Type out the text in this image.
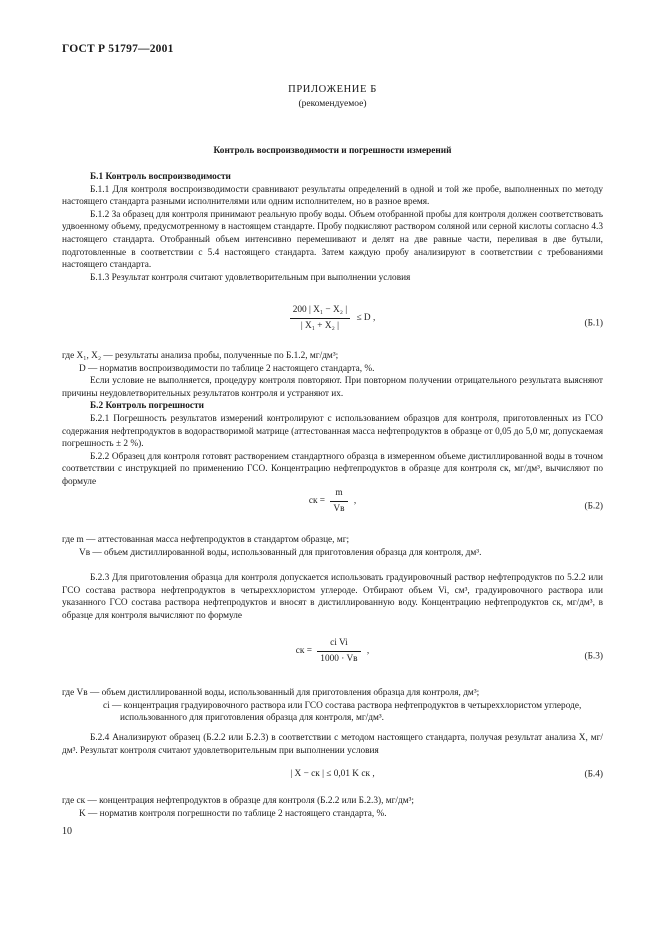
ГОСТ Р 51797—2001
ПРИЛОЖЕНИЕ Б
(рекомендуемое)
Контроль воспроизводимости и погрешности измерений

Б.1 Контроль воспроизводимости

Б.1.1 Для контроля воспроизводимости сравнивают результаты определений в одной и той же пробе, выполненных по методу настоящего стандарта разными исполнителями или одним исполнителем, но в разное время.

Б.1.2 За образец для контроля принимают реальную пробу воды. Объем отобранной пробы для контроля должен соответствовать удвоенному объему, предусмотренному в настоящем стандарте. Пробу подкисляют раствором соляной или серной кислоты согласно 4.3 настоящего стандарта. Отобранный объем интенсивно перемешивают и делят на две равные части, переливая в две бутыли, подготовленные в соответствии с 5.4 настоящего стандарта. Затем каждую пробу анализируют в соответствии с требованиями настоящего стандарта.

Б.1.3 Результат контроля считают удовлетворительным при выполнении условия

$\frac{\text{200 | X₁ − X₂ |}}{\text{| X₁ + X₂ |}} \le D$ ,
(Б.1)

где X₁, X₂ — результаты анализа пробы, полученные по Б.1.2, мг/дм³;

D — норматив воспроизводимости по таблице 2 настоящего стандарта, %.

Если условие не выполняется, процедуру контроля повторяют. При повторном получении отрицательного результата выясняют причины неудовлетворительных результатов контроля и устраняют их.

Б.2 Контроль погрешности

Б.2.1 Погрешность результатов измерений контролируют с использованием образцов для контроля, приготовленных из ГСО содержания нефтепродуктов в водорастворимой матрице (аттестованная масса нефтепродуктов в образце от 0,05 до 5,0 мг, допускаемая погрешность ± 2 %).

Б.2.2 Образец для контроля готовят растворением стандартного образца в измеренном объеме дистиллированной воды в точном соответствии с инструкцией по применению ГСО. Концентрацию нефтепродуктов в образце для контроля cк, мг/дм³, вычисляют по формуле

cк = $\frac{m}{Vв}$ ,
(Б.2)

где m — аттестованная масса нефтепродуктов в стандартом образце, мг;

Vв — объем дистиллированной воды, использованный для приготовления образца для контроля, дм³.

Б.2.3 Для приготовления образца для контроля допускается использовать градуировочный раствор нефтепродуктов по 5.2.2 или ГСО состава раствора нефтепродуктов в четыреххлористом углероде. Отбирают объем Vi, см³, градуировочного раствора или указанного ГСО состава раствора нефтепродуктов и вносят в дистиллированную воду. Концентрацию нефтепродуктов cк, мг/дм³, в образце для контроля вычисляют по формуле

cк = $\frac{\text{ci Vi}}{1000 \cdot Vв}$ ,
(Б.3)

где Vв — объем дистиллированной воды, использованный для приготовления образца для контроля, дм³;

ci — концентрация градуировочного раствора или ГСО состава раствора нефтепродуктов в четыреххлористом углероде, использованного для приготовления образца для контроля, мг/дм³.

Б.2.4 Анализируют образец (Б.2.2 или Б.2.3) в соответствии с методом настоящего стандарта, получая результат анализа X, мг/дм³. Результат контроля считают удовлетворительным при выполнении условия

| X − cк | ≤ 0,01 K cк ,	(Б.4)

где cк — концентрация нефтепродуктов в образце для контроля (Б.2.2 или Б.2.3), мг/дм³;

K — норматив контроля погрешности по таблице 2 настоящего стандарта, %.

10
